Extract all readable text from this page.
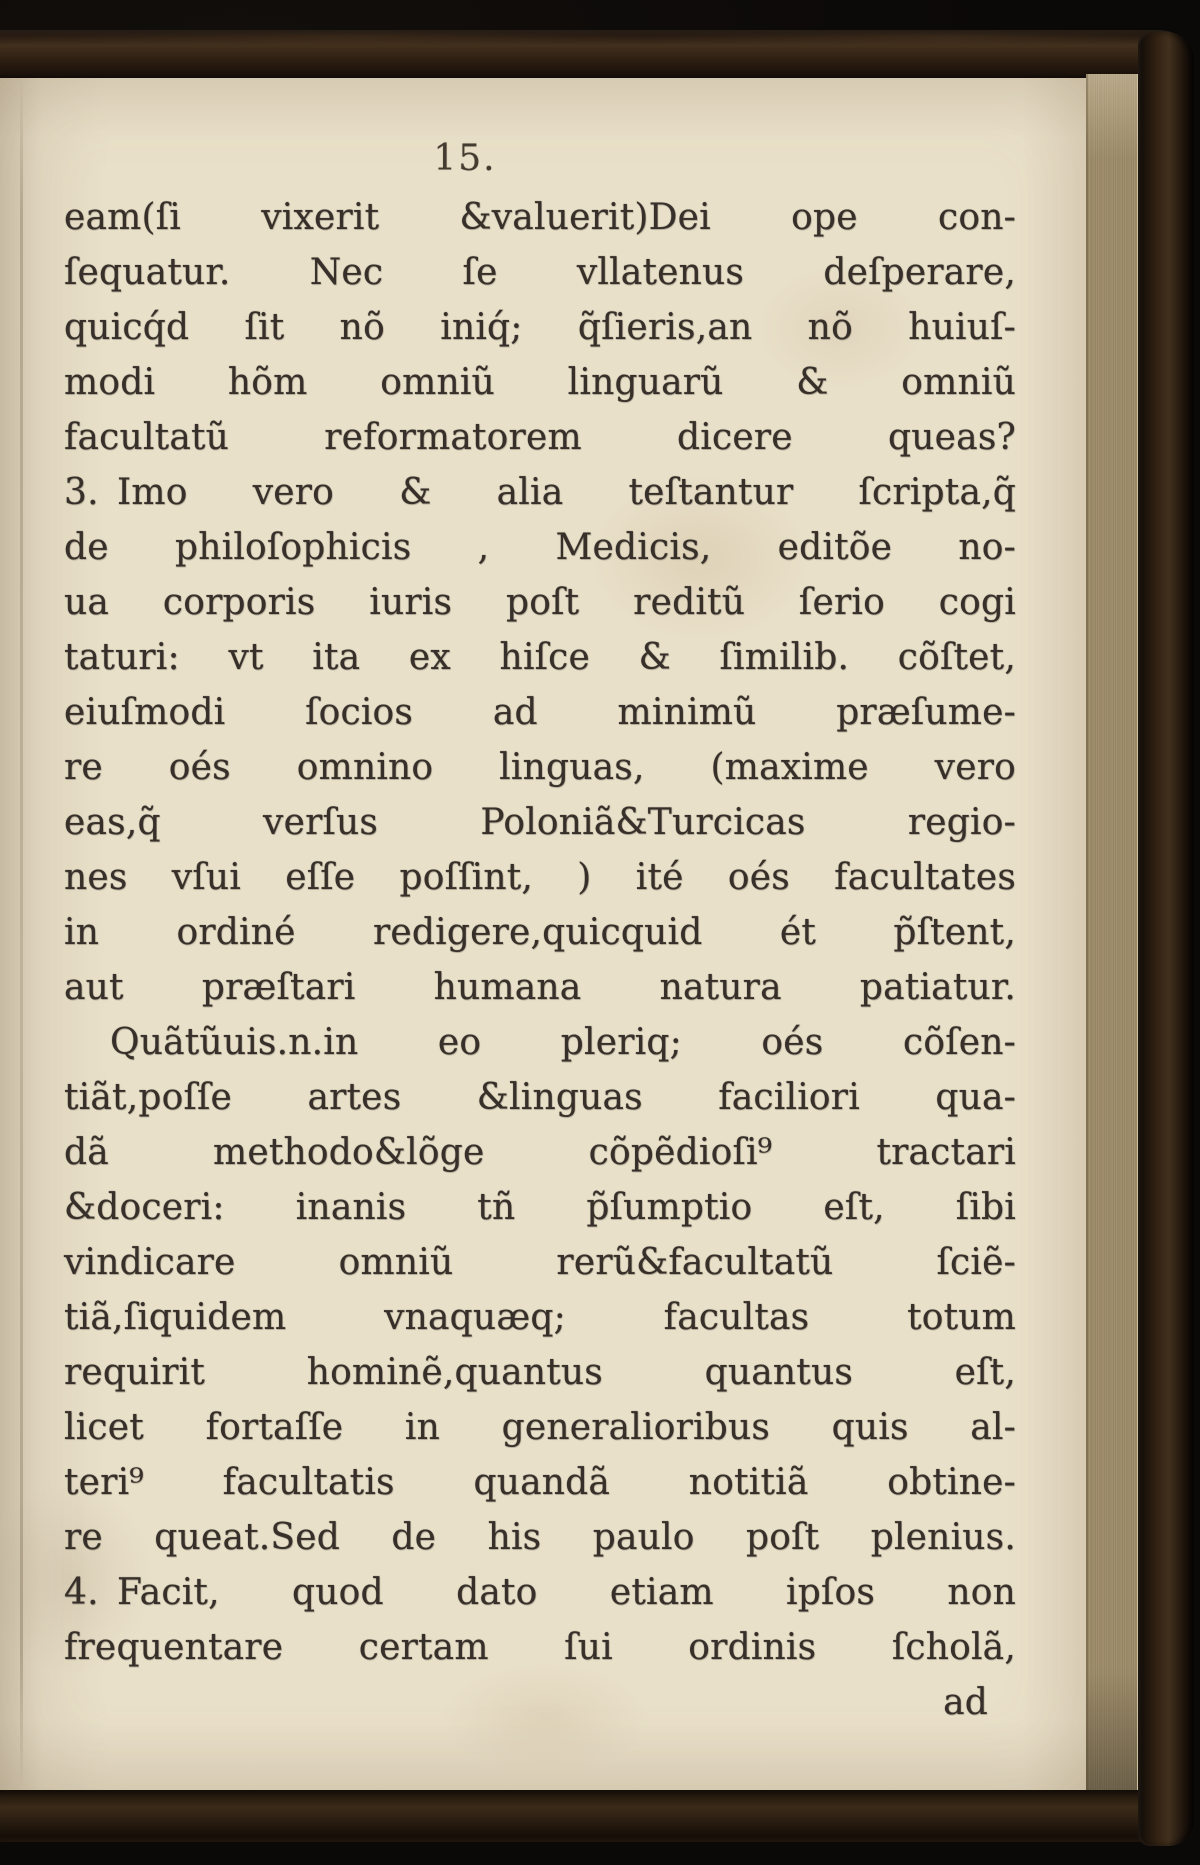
15.
eam(ſi vixerit &valuerit)Dei ope con-
ſequatur. Nec ſe vllatenus deſperare,
quicq́d ſit nõ iniq́; q̃ſieris,an nõ huiuſ-
modi hõm omniũ linguarũ & omniũ
facultatũ reformatorem dicere queas?
3. Imo vero & alia teſtantur ſcripta,q̃
de philoſophicis , Medicis, editõe no-
ua corporis iuris poſt reditũ ſerio cogi
taturi: vt ita ex hiſce & ſimilib. cõſtet,
eiuſmodi ſocios ad minimũ præſume-
re oés omnino linguas, (maxime vero
eas,q̃ verſus Poloniã&Turcicas regio-
nes vſui eſſe poſſint, ) ité oés facultates
in ordiné redigere,quicquid ét p̃ſtent,
aut præſtari humana natura patiatur.
Quãtũuis.n.in eo pleriq; oés cõſen-
tiãt,poſſe artes &linguas faciliori qua-
dã methodo&lõge cõpẽdioſi⁹ tractari
&doceri: inanis tñ p̃ſumptio eſt, ſibi
vindicare omniũ rerũ&facultatũ ſciẽ-
tiã,ſiquidem vnaquæq; facultas totum
requirit hominẽ,quantus quantus eſt,
licet fortaſſe in generalioribus quis al-
teri⁹ facultatis quandã notitiã obtine-
re queat.Sed de his paulo poſt plenius.
4. Facit, quod dato etiam ipſos non
frequentare certam ſui ordinis ſcholã,
ad
